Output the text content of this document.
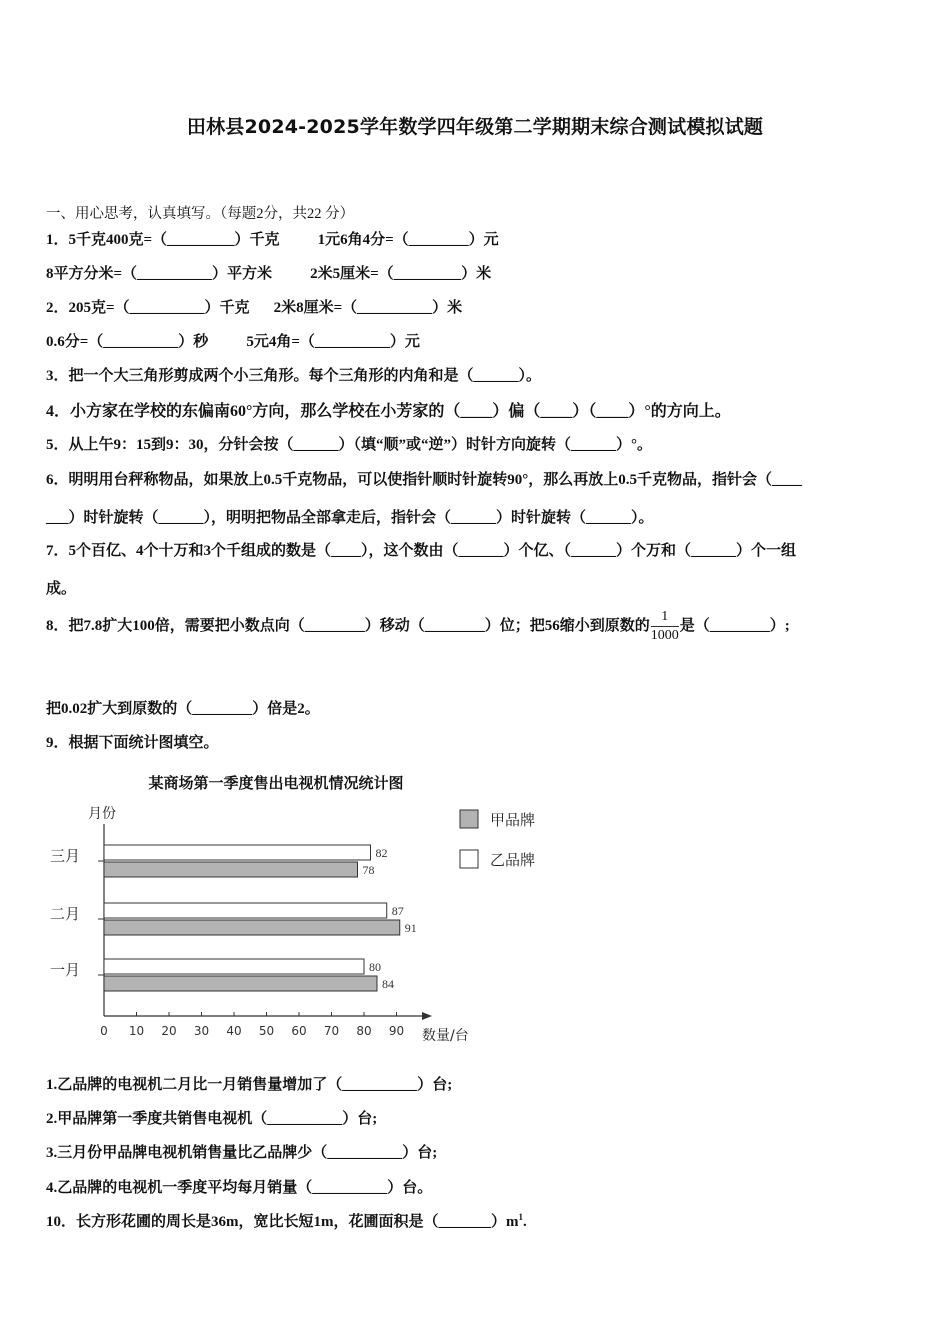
田林县2024-2025学年数学四年级第二学期期末综合测试模拟试题
一、用心思考，认真填写。（每题2分，共22 分）
1．5千克400克=（_________）千克	1元6角4分=（________）元
8平方分米=（__________）平方米	2米5厘米=（_________）米
2．205克=（__________）千克 2米8厘米=（__________）米
0.6分=（__________）秒	5元4角=（__________）元
3．把一个大三角形剪成两个小三角形。每个三角形的内角和是（______）。
4．小方家在学校的东偏南60°方向，那么学校在小芳家的（____）偏（____）（____）°的方向上。
5．从上午9：15到9：30，分针会按（______）（填“顺”或“逆”）时针方向旋转（______）°。
6．明明用台秤称物品，如果放上0.5千克物品，可以使指针顺时针旋转90°，那么再放上0.5千克物品，指针会（____
___）时针旋转（______），明明把物品全部拿走后，指针会（______）时针旋转（______）。
7．5个百亿、4个十万和3个千组成的数是（____），这个数由（______）个亿、（______）个万和（______）个一组
成。
8．把7.8扩大100倍，需要把小数点向（________）移动（________）位；把56缩小到原数的 $\frac{1}{1000}$ 是（________）;
把0.02扩大到原数的（________）倍是2。
9．根据下面统计图填空。
某商场第一季度售出电视机情况统计图
月份
数量/台
0 10 20 30 40 50 60 70 80 90
一月	80
84
二月	87
91
三月	82
78
甲品牌
乙品牌
1.乙品牌的电视机二月比一月销售量增加了（__________）台;
2.甲品牌第一季度共销售电视机（__________）台;
3.三月份甲品牌电视机销售量比乙品牌少（__________）台;
4.乙品牌的电视机一季度平均每月销量（__________）台。
10．长方形花圃的周长是36m，宽比长短1m，花圃面积是$(\_\_\_\_\_\_\_)m^1$.
